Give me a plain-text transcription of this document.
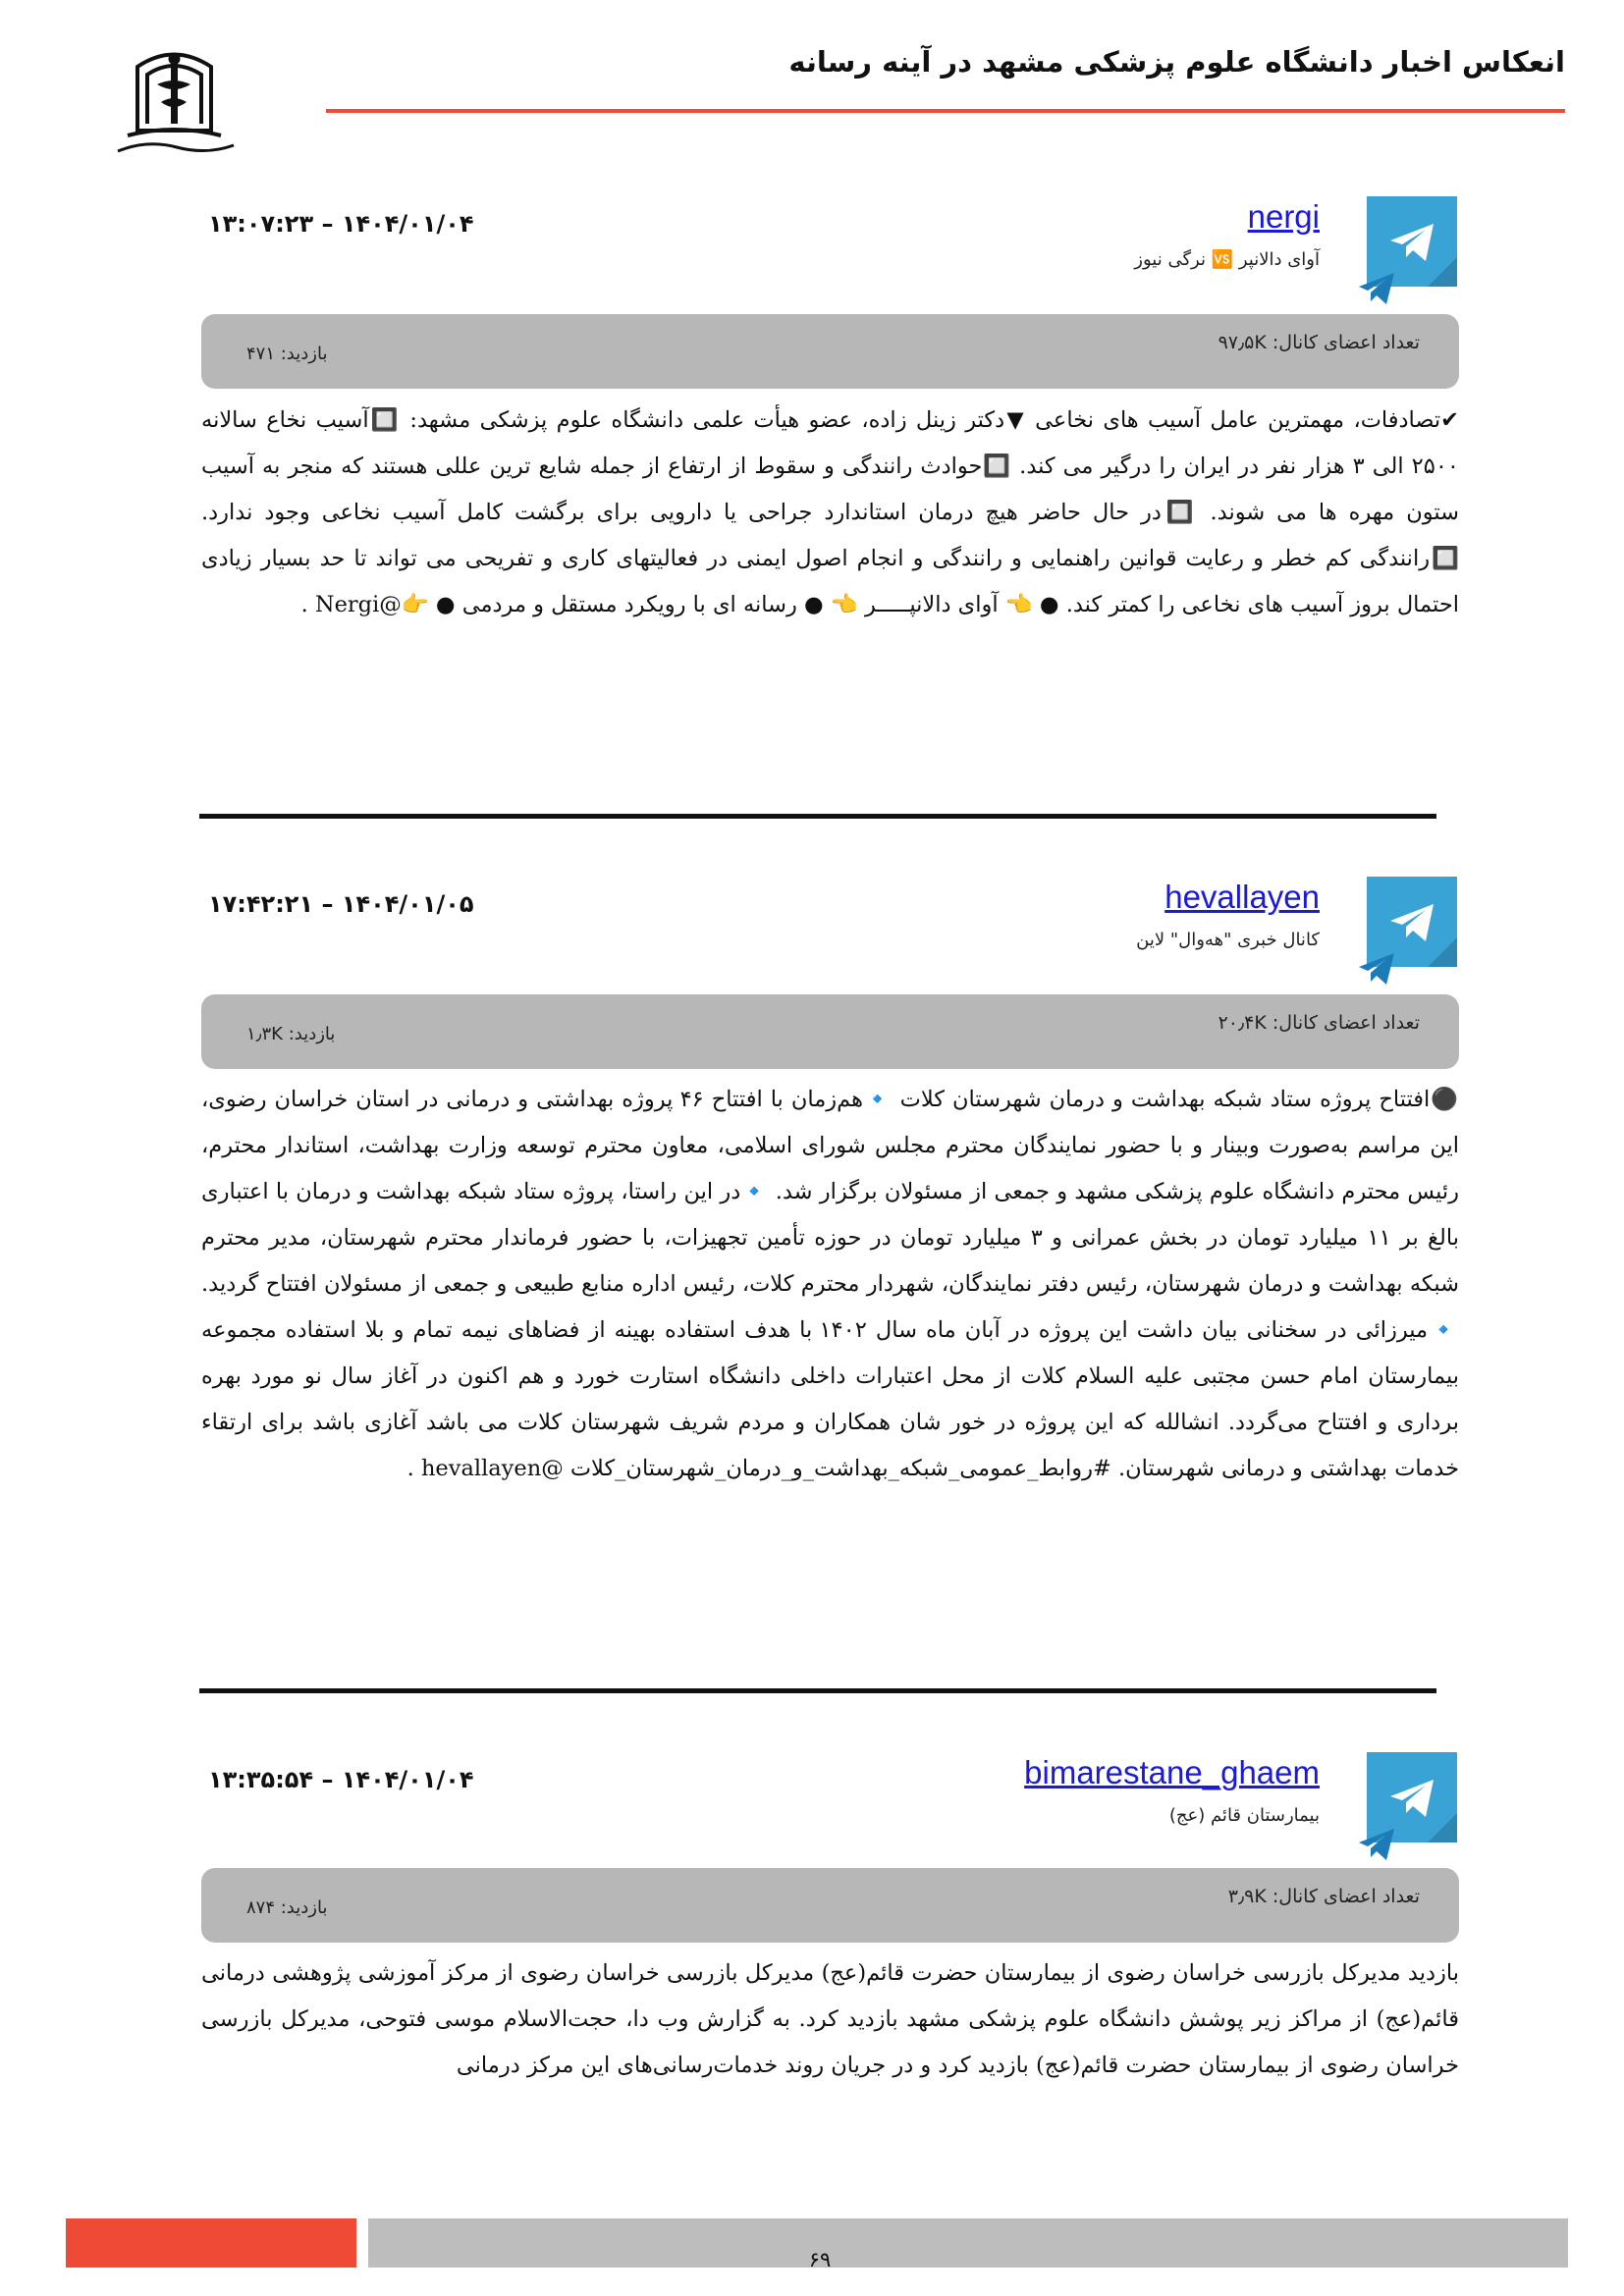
انعکاس اخبار دانشگاه علوم پزشکی مشهد در آینه رسانه
nergi
آوای دالانپر 🆚 نرگی نیوز
۱۴۰۴/۰۱/۰۴ – ۱۳:۰۷:۲۳
تعداد اعضای کانال: ۹۷٫۵K
بازدید: ۴۷۱
✔تصادفات، مهمترین عامل آسیب های نخاعی ▼دکتر زینل زاده، عضو هیأت علمی دانشگاه علوم پزشکی مشهد: 🔲آسیب نخاع سالانه ۲۵۰۰ الی ۳ هزار نفر در ایران را درگیر می کند. 🔲حوادث رانندگی و سقوط از ارتفاع از جمله شایع ترین عللی هستند که منجر به آسیب ستون مهره ها می شوند. 🔲در حال حاضر هیچ درمان استاندارد جراحی یا دارویی برای برگشت کامل آسیب نخاعی وجود ندارد. 🔲رانندگی کم خطر و رعایت قوانین راهنمایی و رانندگی و انجام اصول ایمنی در فعالیتهای کاری و تفریحی می تواند تا حد بسیار زیادی احتمال بروز آسیب های نخاعی را کمتر کند. ● 👈 آوای دالانپـــــر 👈 ● رسانه ای با رویکرد مستقل و مردمی ● 👉@Nergi .
hevallayen
کانال خبری "هەوال" لاین
۱۴۰۴/۰۱/۰۵ – ۱۷:۴۲:۲۱
تعداد اعضای کانال: ۲۰٫۴K
بازدید: ۱٫۳K
⚫افتتاح پروژه ستاد شبکه بهداشت و درمان شهرستان کلات 🔹هم‌زمان با افتتاح ۴۶ پروژه بهداشتی و درمانی در استان خراسان رضوی، این مراسم به‌صورت وبینار و با حضور نمایندگان محترم مجلس شورای اسلامی، معاون محترم توسعه وزارت بهداشت، استاندار محترم، رئیس محترم دانشگاه علوم پزشکی مشهد و جمعی از مسئولان برگزار شد. 🔹در این راستا، پروژه ستاد شبکه بهداشت و درمان با اعتباری بالغ بر ۱۱ میلیارد تومان در بخش عمرانی و ۳ میلیارد تومان در حوزه تأمین تجهیزات، با حضور فرماندار محترم شهرستان، مدیر محترم شبکه بهداشت و درمان شهرستان، رئیس دفتر نمایندگان، شهردار محترم کلات، رئیس اداره منابع طبیعی و جمعی از مسئولان افتتاح گردید. 🔹میرزائی در سخنانی بیان داشت این پروژه در آبان ماه سال ۱۴۰۲ با هدف استفاده بهینه از فضاهای نیمه تمام و بلا استفاده مجموعه بیمارستان امام حسن مجتبی علیه السلام کلات از محل اعتبارات داخلی دانشگاه استارت خورد و هم اکنون در آغاز سال نو مورد بهره برداری و افتتاح می‌گردد. انشالله که این پروژه در خور شان همکاران و مردم شریف شهرستان کلات می باشد آغازی باشد برای ارتقاء خدمات بهداشتی و درمانی شهرستان. #روابط_عمومی_شبکه_بهداشت_و_درمان_شهرستان_کلات @hevallayen .
bimarestane_ghaem
بیمارستان قائم (عج)
۱۴۰۴/۰۱/۰۴ – ۱۳:۳۵:۵۴
تعداد اعضای کانال: ۳٫۹K
بازدید: ۸۷۴
بازدید مدیرکل بازرسی خراسان رضوی از بیمارستان حضرت قائم(عج) مدیرکل بازرسی خراسان رضوی از مرکز آموزشی پژوهشی درمانی قائم(عج) از مراکز زیر پوشش دانشگاه علوم پزشکی مشهد بازدید کرد. به گزارش وب دا، حجت‌الاسلام موسی فتوحی، مدیرکل بازرسی خراسان رضوی از بیمارستان حضرت قائم(عج) بازدید کرد و در جریان روند خدمات‌رسانی‌های این مرکز درمانی
۶۹
